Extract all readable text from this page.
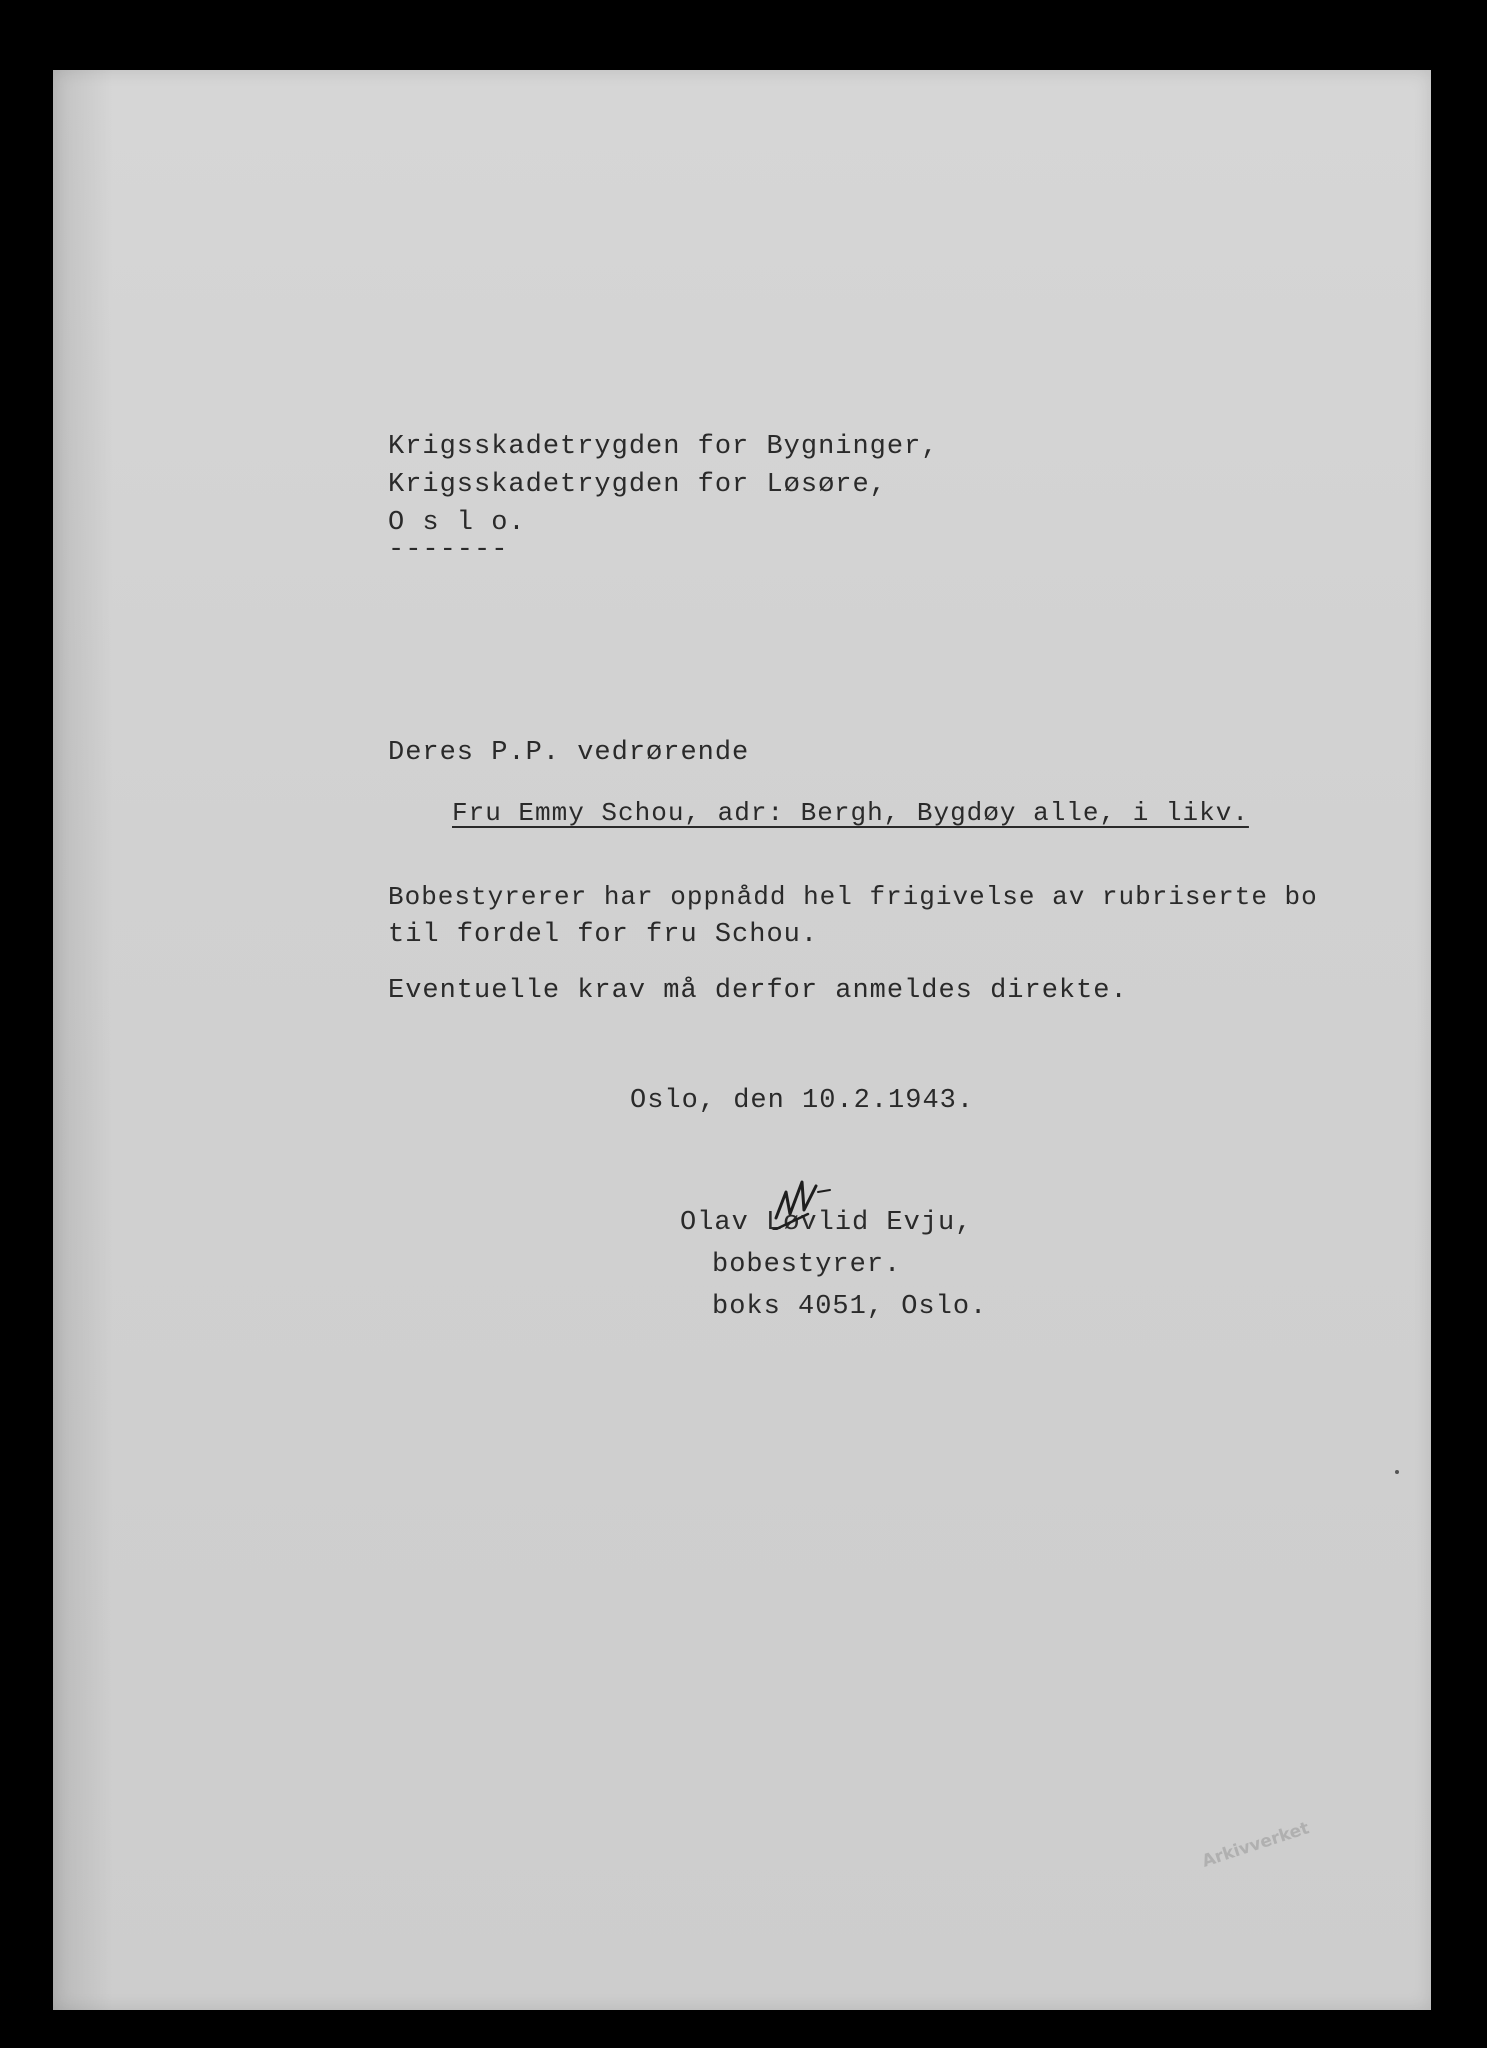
Krigsskadetrygden for Bygninger,
Krigsskadetrygden for Løsøre,
O s l o.
-------
Deres P.P. vedrørende
Fru Emmy Schou, adr: Bergh, Bygdøy alle, i likv.
Bobestyrerer har oppnådd hel frigivelse av rubriserte bo
til fordel for fru Schou.
Eventuelle krav må derfor anmeldes direkte.
Oslo, den 10.2.1943.
Olav Løvlid Evju,
bobestyrer.
boks 4051, Oslo.
Arkivverket
